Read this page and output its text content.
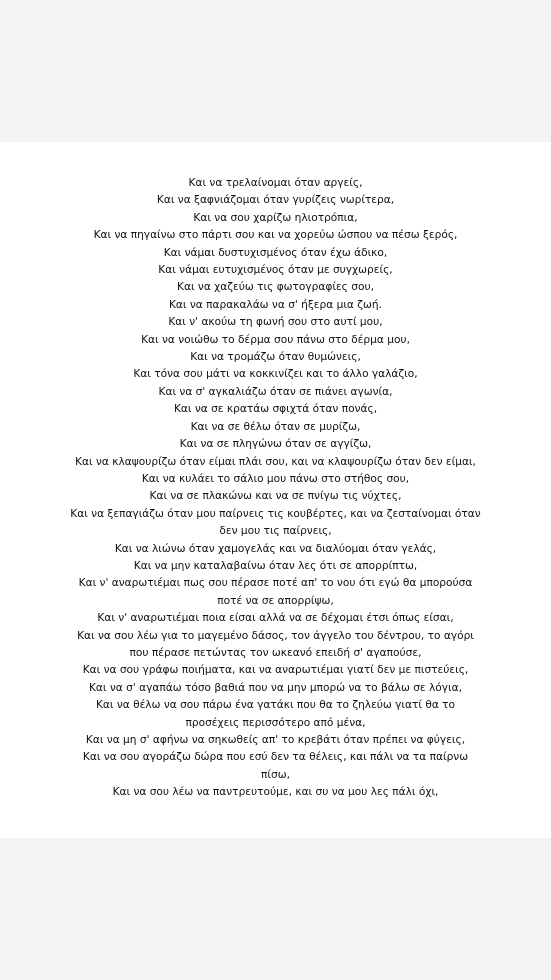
Και να τρελαίνομαι όταν αργείς,
Και να ξαφνιάζομαι όταν γυρίζεις νωρίτερα,
Και να σου χαρίζω ηλιοτρόπια,
Και να πηγαίνω στο πάρτι σου και να χορεύω ώσπου να πέσω ξερός,
Και νάμαι δυστυχισμένος όταν έχω άδικο,
Και νάμαι ευτυχισμένος όταν με συγχωρείς,
Και να χαζεύω τις φωτογραφίες σου,
Και να παρακαλάω να σ' ήξερα μια ζωή.
Και ν' ακούω τη φωνή σου στο αυτί μου,
Και να νοιώθω το δέρμα σου πάνω στο δέρμα μου,
Και να τρομάζω όταν θυμώνεις,
Και τόνα σου μάτι να κοκκινίζει και το άλλο γαλάζιο,
Και να σ' αγκαλιάζω όταν σε πιάνει αγωνία,
Και να σε κρατάω σφιχτά όταν πονάς,
Και να σε θέλω όταν σε μυρίζω,
Και να σε πληγώνω όταν σε αγγίζω,
Και να κλαψουρίζω όταν είμαι πλάι σου, και να κλαψουρίζω όταν δεν είμαι,
Και να κυλάει το σάλιο μου πάνω στο στήθος σου,
Και να σε πλακώνω και να σε πνίγω τις νύχτες,
Και να ξεπαγιάζω όταν μου παίρνεις τις κουβέρτες, και να ζεσταίνομαι όταν
δεν μου τις παίρνεις,
Και να λιώνω όταν χαμογελάς και να διαλύομαι όταν γελάς,
Και να μην καταλαβαίνω όταν λες ότι σε απορρίπτω,
Και ν' αναρωτιέμαι πως σου πέρασε ποτέ απ' το νου ότι εγώ θα μπορούσα
ποτέ να σε απορρίψω,
Και ν' αναρωτιέμαι ποια είσαι αλλά να σε δέχομαι έτσι όπως είσαι,
Και να σου λέω για το μαγεμένο δάσος, τον άγγελο του δέντρου, το αγόρι
που πέρασε πετώντας τον ωκεανό επειδή σ' αγαπούσε,
Και να σου γράφω ποιήματα, και να αναρωτιέμαι γιατί δεν με πιστεύεις,
Και να σ' αγαπάω τόσο βαθιά που να μην μπορώ να το βάλω σε λόγια,
Και να θέλω να σου πάρω ένα γατάκι που θα το ζηλεύω γιατί θα το
προσέχεις περισσότερο από μένα,
Και να μη σ' αφήνω να σηκωθείς απ' το κρεβάτι όταν πρέπει να φύγεις,
Και να σου αγοράζω δώρα που εσύ δεν τα θέλεις, και πάλι να τα παίρνω
πίσω,
Και να σου λέω να παντρευτούμε, και συ να μου λες πάλι όχι,
